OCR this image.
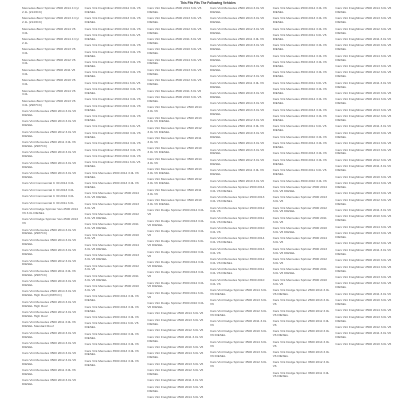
This Fits Fits The Following Vehicles
Mercedes-Benz Sprinter 2500 2014 4 Cyl 2.1L (2143CC)
Mercedes-Benz Sprinter 2500 2013 4 Cyl 2.1L (2143CC)
Mercedes-Benz Sprinter 2500 2014 V6 3.0L
Mercedes-Benz Sprinter 3500 2014 4 Cyl 2.1L
Mercedes-Benz Sprinter 3500 2013 V6 3.0L
Mercedes-Benz Sprinter 3500 2012 V6 3.0L
Mercedes-Benz Sprinter 3500 2011 V6 3.0L
Mercedes-Benz Sprinter 3500 2010 V6 3.0L
Mercedes-Benz Sprinter 2500 2014 V6 3.0L
Mercedes-Benz Sprinter 2500 2013 V6 3.0L (2987CC)
Cars Vint Mercedes 2500 2014 3.0L V6 DIESEL
Cars Vint Mercedes 2500 2013 3.0L V6 DIESEL
Cars Vint Mercedes 2500 2012 3.0L V6 DIESEL
Cars Vint Mercedes 2500 2011 3.0L V6 DIESEL (2987CC)
Cars Vint Mercedes 2500 2010 3.0L V6 DIESEL
Cars Vint Mercedes 3500 2014 3.0L V6 DIESEL
Cars Vint Mercedes 3500 2013 3.0L V6 DIESEL
Cars Vint Commercial C 30 2014 3.0L
Cars Vint Commercial C 30 2013 3.0L
Cars Vint Commercial C 30 2012 3.0L
Cars Vint Commercial C 30 2011 3.0L
Cars Vint Dodge Sprinter Van 2500 2014 V6 3.0L DIESEL
Cars Vint Dodge Sprinter Van 2500 2013 V6
Cars Vint Mercedes 2500 2014 3.0L V6 DIESEL (2987CC)
Cars Vint Mercedes 3500 2014 3.0L V6 DIESEL
Cars Vint Mercedes 3500 2013 3.0L V6 DIESEL
Cars Vint Mercedes 3500 2012 3.0L V6 DIESEL
Cars Vint Mercedes 3500 2011 3.0L V6 DIESEL (2987CC)
Cars Vint Mercedes 3500 2010 3.0L V6 DIESEL
Cars Vint Mercedes 2500 2014 3.0L V6 DIESEL High Roof (2987CC)
Cars Vint Mercedes 2500 2013 3.0L V6 DIESEL High Roof
Cars Vint Mercedes 2500 2012 3.0L V6 DIESEL High Roof
Cars Vint Mercedes 2500 2011 3.0L V6 DIESEL Standard Roof
Cars Vint Mercedes 2500 2010 3.0L V6 DIESEL
Cars Vint Mercedes 3500 2014 3.0L V6 DIESEL
Cars Vint Mercedes 3500 2013 3.0L V6
Cars Vint Mercedes 3500 2012 3.0L V6 DIESEL
Cars Vint Mercedes 3500 2011 3.0L V6 DIESEL
Cars Vint Mercedes 3500 2010 3.0L V6 DIESEL
Cars Vint Freightliner 2500 2014 3.0L V6 DIESEL
Cars Vint Freightliner 2500 2013 3.0L V6 DIESEL
Cars Vint Freightliner 2500 2012 3.0L V6
Cars Vint Freightliner 2500 2011 3.0L V6 DIESEL
Cars Vint Freightliner 2500 2010 3.0L V6
Cars Vint Freightliner 3500 2014 3.0L V6 DIESEL
Cars Vint Freightliner 3500 2013 3.0L V6 DIESEL
Cars Vint Freightliner 3500 2012 3.0L V6 DIESEL
Cars Vint Freightliner 3500 2011 3.0L V6
Cars Vint Freightliner 3500 2010 3.0L V6 DIESEL
Cars Vint Freightliner 2500 2014 3.0L V6
Cars Vint Freightliner 2500 2013 3.0L V6 DIESEL
Cars Vint Freightliner 2500 2012 3.0L V6 DIESEL
Cars Vint Freightliner 2500 2011 3.0L V6
Cars Vint Freightliner 2500 2010 3.0L V6 DIESEL
Cars Vint Freightliner 3500 2014 3.0L V6
Cars Vint Freightliner 3500 2013 3.0L V6
Cars Vint Freightliner 3500 2012 3.0L V6
Cars Vint Freightliner 3500 2011 3.0L V6 DIESEL
Cars Vint Mercedes 2500 2014 3.0L V6 DIESEL
Cars Vint Mercedes 2500 2013 3.0L V6 DIESEL
Cars Vint Mercedes Sprinter 2500 2014 3.0L V6 DIESEL
Cars Vint Mercedes Sprinter 2500 2013 3.0L V6
Cars Vint Mercedes Sprinter 2500 2012 3.0L V6 DIESEL
Cars Vint Mercedes Sprinter 2500 2011 3.0L V6 DIESEL
Cars Vint Mercedes Sprinter 2500 2010 3.0L V6
Cars Vint Mercedes Sprinter 3500 2014 3.0L V6 DIESEL
Cars Vint Mercedes Sprinter 3500 2013 3.0L V6 DIESEL
Cars Vint Mercedes Sprinter 3500 2012 3.0L V6
Cars Vint Mercedes Sprinter 3500 2011 3.0L V6 DIESEL
Cars Vint Mercedes Sprinter 3500 2010 3.0L V6
Cars Vint Mercedes 2500 2014 3.0L V6 DIESEL
Cars Vint Mercedes 2500 2013 3.0L V6 DIESEL
Cars Vint Mercedes 2500 2012 3.0L V6
Cars Vint Mercedes 2500 2011 3.0L V6 DIESEL
Cars Vint Mercedes 2500 2010 3.0L V6 DIESEL
Cars Vint Mercedes 3500 2014 3.0L V6
Cars Vint Mercedes 3500 2013 3.0L V6 DIESEL
Cars Vint Mercedes 3500 2012 3.0L V6 DIESEL
Cars Vint Mercedes 2500 2014 3.0L V6 DIESEL
Cars Vint Mercedes 2500 2013 3.0L V6 DIESEL
Cars Vint Mercedes 2500 2012 3.0L V6 DIESEL
Cars Vint Mercedes 2500 2011 3.0L V6 DIESEL
Cars Vint Mercedes 2500 2010 3.0L V6 DIESEL
Cars Vint Mercedes 3500 2014 3.0L V6 DIESEL
Cars Vint Mercedes 3500 2013 3.0L V6 DIESEL
Cars Vint Mercedes 3500 2012 3.0L V6 DIESEL
Cars Vint Mercedes 3500 2011 3.0L V6
Cars Vint Mercedes 3500 2010 3.0L V6 DIESEL
Cars Vint Mercedes Sprinter 2500 2014 3.0L V6
Cars Vint Mercedes Sprinter 2500 2013 3.0L V6 DIESEL
Cars Vint Mercedes Sprinter 2500 2012 3.0L V6 DIESEL
Cars Vint Mercedes Sprinter 2500 2011 3.0L V6
Cars Vint Mercedes Sprinter 2500 2010 3.0L V6 DIESEL
Cars Vint Mercedes Sprinter 3500 2014 3.0L V6
Cars Vint Mercedes Sprinter 3500 2013 3.0L V6 DIESEL
Cars Vint Mercedes Sprinter 3500 2012 3.0L V6 DIESEL
Cars Vint Mercedes Sprinter 3500 2011 3.0L V6
Cars Vint Mercedes Sprinter 3500 2010 3.0L V6 DIESEL
Cars Vint Dodge Sprinter 2500 2014 3.0L V6
Cars Vint Dodge Sprinter 2500 2013 3.0L V6 DIESEL
Cars Vint Dodge Sprinter 2500 2012 3.0L V6
Cars Vint Dodge Sprinter 2500 2011 3.0L V6 DIESEL
Cars Vint Dodge Sprinter 2500 2010 3.0L V6
Cars Vint Dodge Sprinter 3500 2014 3.0L V6 DIESEL
Cars Vint Dodge Sprinter 3500 2013 3.0L V6
Cars Vint Dodge Sprinter 3500 2012 3.0L V6 DIESEL
Cars Vint Dodge Sprinter 3500 2011 3.0L V6
Cars Vint Dodge Sprinter 3500 2010 3.0L V6 DIESEL
Cars Vint Freightliner 2500 2014 3.0L V6
Cars Vint Freightliner 2500 2013 3.0L V6 DIESEL
Cars Vint Freightliner 2500 2012 3.0L V6
Cars Vint Freightliner 2500 2011 3.0L V6 DIESEL
Cars Vint Freightliner 2500 2010 3.0L V6
Cars Vint Freightliner 3500 2014 3.0L V6 DIESEL
Cars Vint Freightliner 3500 2013 3.0L V6
Cars Vint Freightliner 3500 2012 3.0L V6 DIESEL
Cars Vint Freightliner 3500 2011 3.0L V6
Cars Vint Freightliner 3500 2010 3.0L V6 DIESEL
Cars Vint Freightliner 2500 2014 3.0L V6
Cars Vint Mercedes 2500 2014 3.0L V6 DIESEL
Cars Vint Mercedes 2500 2013 3.0L V6 DIESEL
Cars Vint Mercedes 2500 2012 3.0L V6 DIESEL
Cars Vint Mercedes 2500 2011 3.0L V6
Cars Vint Mercedes 2500 2010 3.0L V6 DIESEL
Cars Vint Mercedes 3500 2014 3.0L V6 DIESEL
Cars Vint Mercedes 3500 2013 3.0L V6 DIESEL
Cars Vint Mercedes 3500 2012 3.0L V6
Cars Vint Mercedes 3500 2011 3.0L V6 DIESEL
Cars Vint Mercedes 3500 2010 3.0L V6 DIESEL
Cars Vint Mercedes 2500 2014 3.0L V6
Cars Vint Mercedes 2500 2013 3.0L V6 DIESEL
Cars Vint Mercedes 2500 2012 3.0L V6
Cars Vint Mercedes 2500 2011 3.0L V6
Cars Vint Mercedes 2500 2010 3.0L V6 DIESEL
Cars Vint Mercedes 3500 2014 3.0L V6
Cars Vint Mercedes 3500 2013 3.0L V6 DIESEL
Cars Vint Mercedes 3500 2012 3.0L V6 DIESEL
Cars Vint Mercedes 3500 2011 3.0L V6 DIESEL
Cars Vint Mercedes 3500 2010 3.0L V6
Cars Vint Mercedes Sprinter 2500 2014 3.0L V6 DIESEL
Cars Vint Mercedes Sprinter 2500 2013 3.0L V6 DIESEL
Cars Vint Mercedes Sprinter 2500 2012 3.0L V6
Cars Vint Mercedes Sprinter 2500 2011 3.0L V6 DIESEL
Cars Vint Mercedes Sprinter 2500 2010 3.0L V6
Cars Vint Mercedes Sprinter 3500 2014 3.0L V6 DIESEL
Cars Vint Mercedes Sprinter 3500 2013 3.0L V6
Cars Vint Mercedes Sprinter 3500 2012 3.0L V6 DIESEL
Cars Vint Mercedes Sprinter 3500 2011 3.0L V6 DIESEL
Cars Vint Mercedes Sprinter 3500 2010 3.0L V6
Cars Vint Dodge Sprinter 2500 2014 3.0L V6 DIESEL
Cars Vint Dodge Sprinter 2500 2013 3.0L V6
Cars Vint Dodge Sprinter 2500 2012 3.0L V6 DIESEL
Cars Vint Dodge Sprinter 2500 2011 3.0L V6
Cars Vint Dodge Sprinter 2500 2010 3.0L V6 DIESEL
Cars Vint Dodge Sprinter 3500 2014 3.0L V6
Cars Vint Dodge Sprinter 3500 2013 3.0L V6 DIESEL
Cars Vint Dodge Sprinter 3500 2012 3.0L V6
Cars Vint Mercedes 2500 2014 3.0L V6 DIESEL
Cars Vint Mercedes 2500 2013 3.0L V6 DIESEL
Cars Vint Mercedes 2500 2012 3.0L V6
Cars Vint Mercedes 2500 2011 3.0L V6 DIESEL
Cars Vint Mercedes 2500 2010 3.0L V6 DIESEL
Cars Vint Mercedes 3500 2014 3.0L V6
Cars Vint Mercedes 3500 2013 3.0L V6 DIESEL
Cars Vint Mercedes 3500 2012 3.0L V6 DIESEL
Cars Vint Mercedes 3500 2011 3.0L V6
Cars Vint Mercedes 3500 2010 3.0L V6 DIESEL
Cars Vint Mercedes 2500 2014 3.0L V6 DIESEL
Cars Vint Mercedes 2500 2013 3.0L V6
Cars Vint Mercedes 2500 2012 3.0L V6 DIESEL
Cars Vint Mercedes 2500 2011 3.0L V6 DIESEL
Cars Vint Mercedes 2500 2010 3.0L V6
Cars Vint Mercedes 3500 2014 3.0L V6 DIESEL
Cars Vint Mercedes 3500 2013 3.0L V6
Cars Vint Mercedes 3500 2012 3.0L V6 DIESEL
Cars Vint Mercedes 3500 2011 3.0L V6 DIESEL
Cars Vint Mercedes 3500 2010 3.0L V6
Cars Vint Mercedes Sprinter 2500 2014 3.0L V6 DIESEL
Cars Vint Mercedes Sprinter 2500 2013 3.0L V6
Cars Vint Mercedes Sprinter 2500 2012 3.0L V6 DIESEL
Cars Vint Mercedes Sprinter 2500 2011 3.0L V6
Cars Vint Mercedes Sprinter 2500 2010 3.0L V6 DIESEL
Cars Vint Mercedes Sprinter 3500 2014 3.0L V6
Cars Vint Mercedes Sprinter 3500 2013 3.0L V6 DIESEL
Cars Vint Mercedes Sprinter 3500 2012 3.0L V6
Cars Vint Mercedes Sprinter 3500 2011 3.0L V6 DIESEL
Cars Vint Mercedes Sprinter 3500 2010 3.0L V6
Cars Vint Dodge Sprinter 2500 2014 3.0L V6 DIESEL
Cars Vint Dodge Sprinter 2500 2013 3.0L V6
Cars Vint Dodge Sprinter 2500 2012 3.0L V6 DIESEL
Cars Vint Dodge Sprinter 2500 2011 3.0L V6
Cars Vint Dodge Sprinter 2500 2010 3.0L V6 DIESEL
Cars Vint Dodge Sprinter 3500 2014 3.0L V6
Cars Vint Dodge Sprinter 3500 2013 3.0L V6 DIESEL
Cars Vint Dodge Sprinter 3500 2012 3.0L V6
Cars Vint Dodge Sprinter 3500 2011 3.0L V6 DIESEL
Cars Vint Freightliner 2500 2014 3.0L V6 DIESEL
Cars Vint Freightliner 2500 2013 3.0L V6 DIESEL
Cars Vint Freightliner 2500 2012 3.0L V6 DIESEL
Cars Vint Freightliner 2500 2011 3.0L V6
Cars Vint Freightliner 2500 2010 3.0L V6 DIESEL
Cars Vint Freightliner 3500 2014 3.0L V6 DIESEL
Cars Vint Freightliner 3500 2013 3.0L V6
Cars Vint Freightliner 3500 2012 3.0L V6 DIESEL
Cars Vint Freightliner 3500 2011 3.0L V6 DIESEL
Cars Vint Freightliner 3500 2010 3.0L V6
Cars Vint Freightliner 2500 2014 3.0L V6 DIESEL
Cars Vint Freightliner 2500 2013 3.0L V6
Cars Vint Freightliner 2500 2012 3.0L V6 DIESEL
Cars Vint Freightliner 2500 2011 3.0L V6
Cars Vint Freightliner 2500 2010 3.0L V6 DIESEL
Cars Vint Freightliner 3500 2014 3.0L V6
Cars Vint Freightliner 3500 2013 3.0L V6 DIESEL
Cars Vint Freightliner 3500 2012 3.0L V6
Cars Vint Freightliner 3500 2011 3.0L V6 DIESEL
Cars Vint Freightliner 3500 2010 3.0L V6
Cars Vint Freightliner 2500 2014 3.0L V6 DIESEL
Cars Vint Freightliner 2500 2013 3.0L V6
Cars Vint Freightliner 2500 2012 3.0L V6 DIESEL
Cars Vint Freightliner 2500 2011 3.0L V6
Cars Vint Freightliner 2500 2010 3.0L V6 DIESEL
Cars Vint Freightliner 3500 2014 3.0L V6
Cars Vint Freightliner 3500 2013 3.0L V6 DIESEL
Cars Vint Freightliner 3500 2012 3.0L V6
Cars Vint Freightliner 3500 2011 3.0L V6 DIESEL
Cars Vint Freightliner 3500 2010 3.0L V6
Cars Vint Freightliner 2500 2014 3.0L V6 DIESEL
Cars Vint Freightliner 2500 2013 3.0L V6
Cars Vint Freightliner 2500 2012 3.0L V6 DIESEL
Cars Vint Freightliner 2500 2011 3.0L V6
Cars Vint Freightliner 2500 2010 3.0L V6 DIESEL
Cars Vint Freightliner 3500 2014 3.0L V6
Cars Vint Freightliner 3500 2013 3.0L V6 DIESEL
Cars Vint Freightliner 3500 2012 3.0L V6
Cars Vint Freightliner 3500 2011 3.0L V6 DIESEL
Cars Vint Freightliner 3500 2010 3.0L V6
